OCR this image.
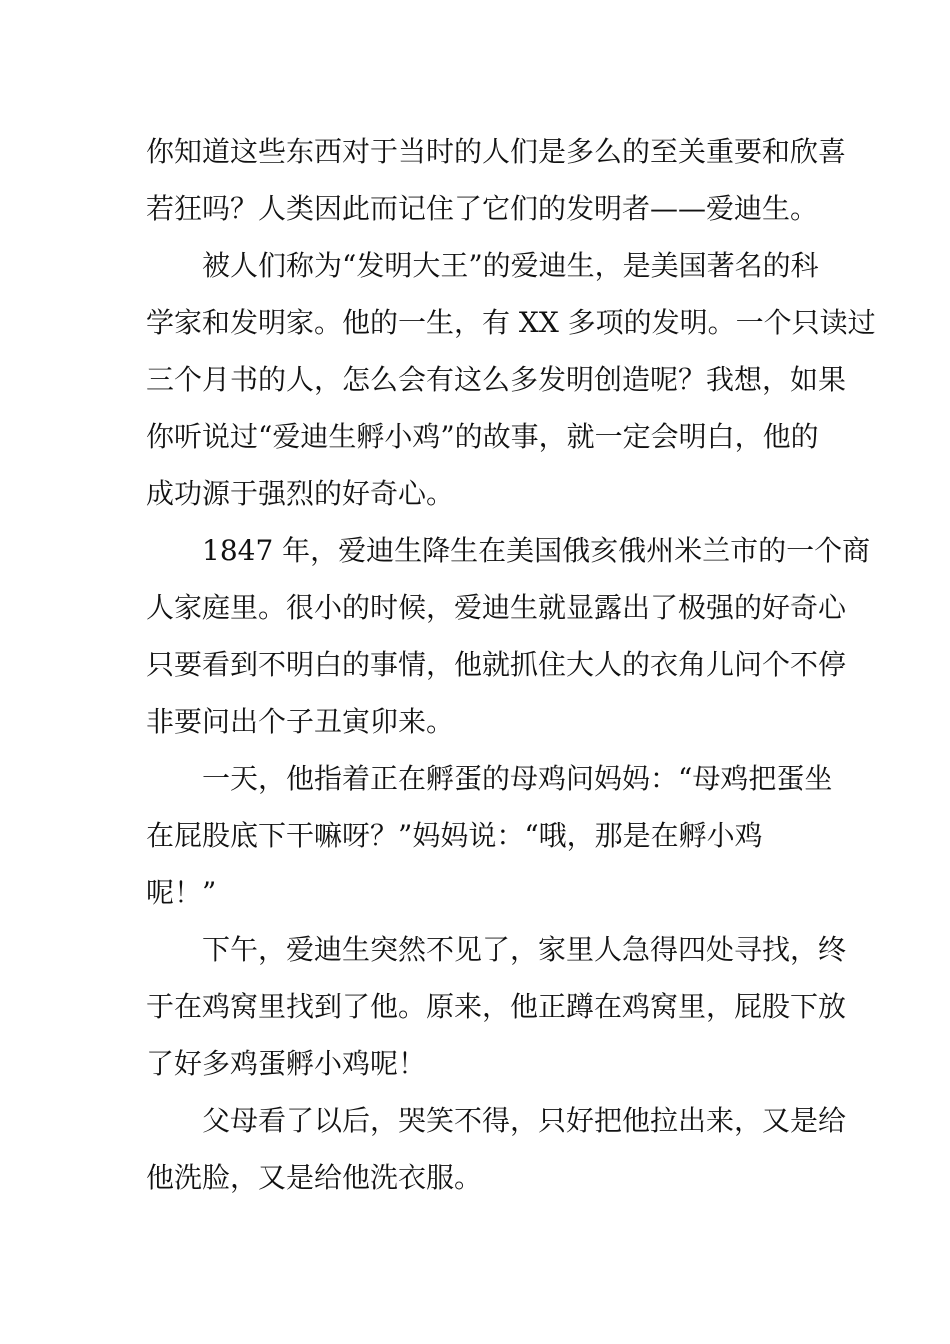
你知道这些东西对于当时的人们是多么的至关重要和欣喜
若狂吗？人类因此而记住了它们的发明者——爱迪生。
被人们称为“发明大王”的爱迪生，是美国著名的科
学家和发明家。他的一生，有 XX 多项的发明。一个只读过
三个月书的人，怎么会有这么多发明创造呢？我想，如果
你听说过“爱迪生孵小鸡”的故事，就一定会明白，他的
成功源于强烈的好奇心。
1847 年，爱迪生降生在美国俄亥俄州米兰市的一个商
人家庭里。很小的时候，爱迪生就显露出了极强的好奇心
只要看到不明白的事情，他就抓住大人的衣角儿问个不停
非要问出个子丑寅卯来。
一天，他指着正在孵蛋的母鸡问妈妈：“母鸡把蛋坐
在屁股底下干嘛呀？”妈妈说：“哦，那是在孵小鸡
呢！”
下午，爱迪生突然不见了，家里人急得四处寻找，终
于在鸡窝里找到了他。原来，他正蹲在鸡窝里，屁股下放
了好多鸡蛋孵小鸡呢！
父母看了以后，哭笑不得，只好把他拉出来，又是给
他洗脸，又是给他洗衣服。
